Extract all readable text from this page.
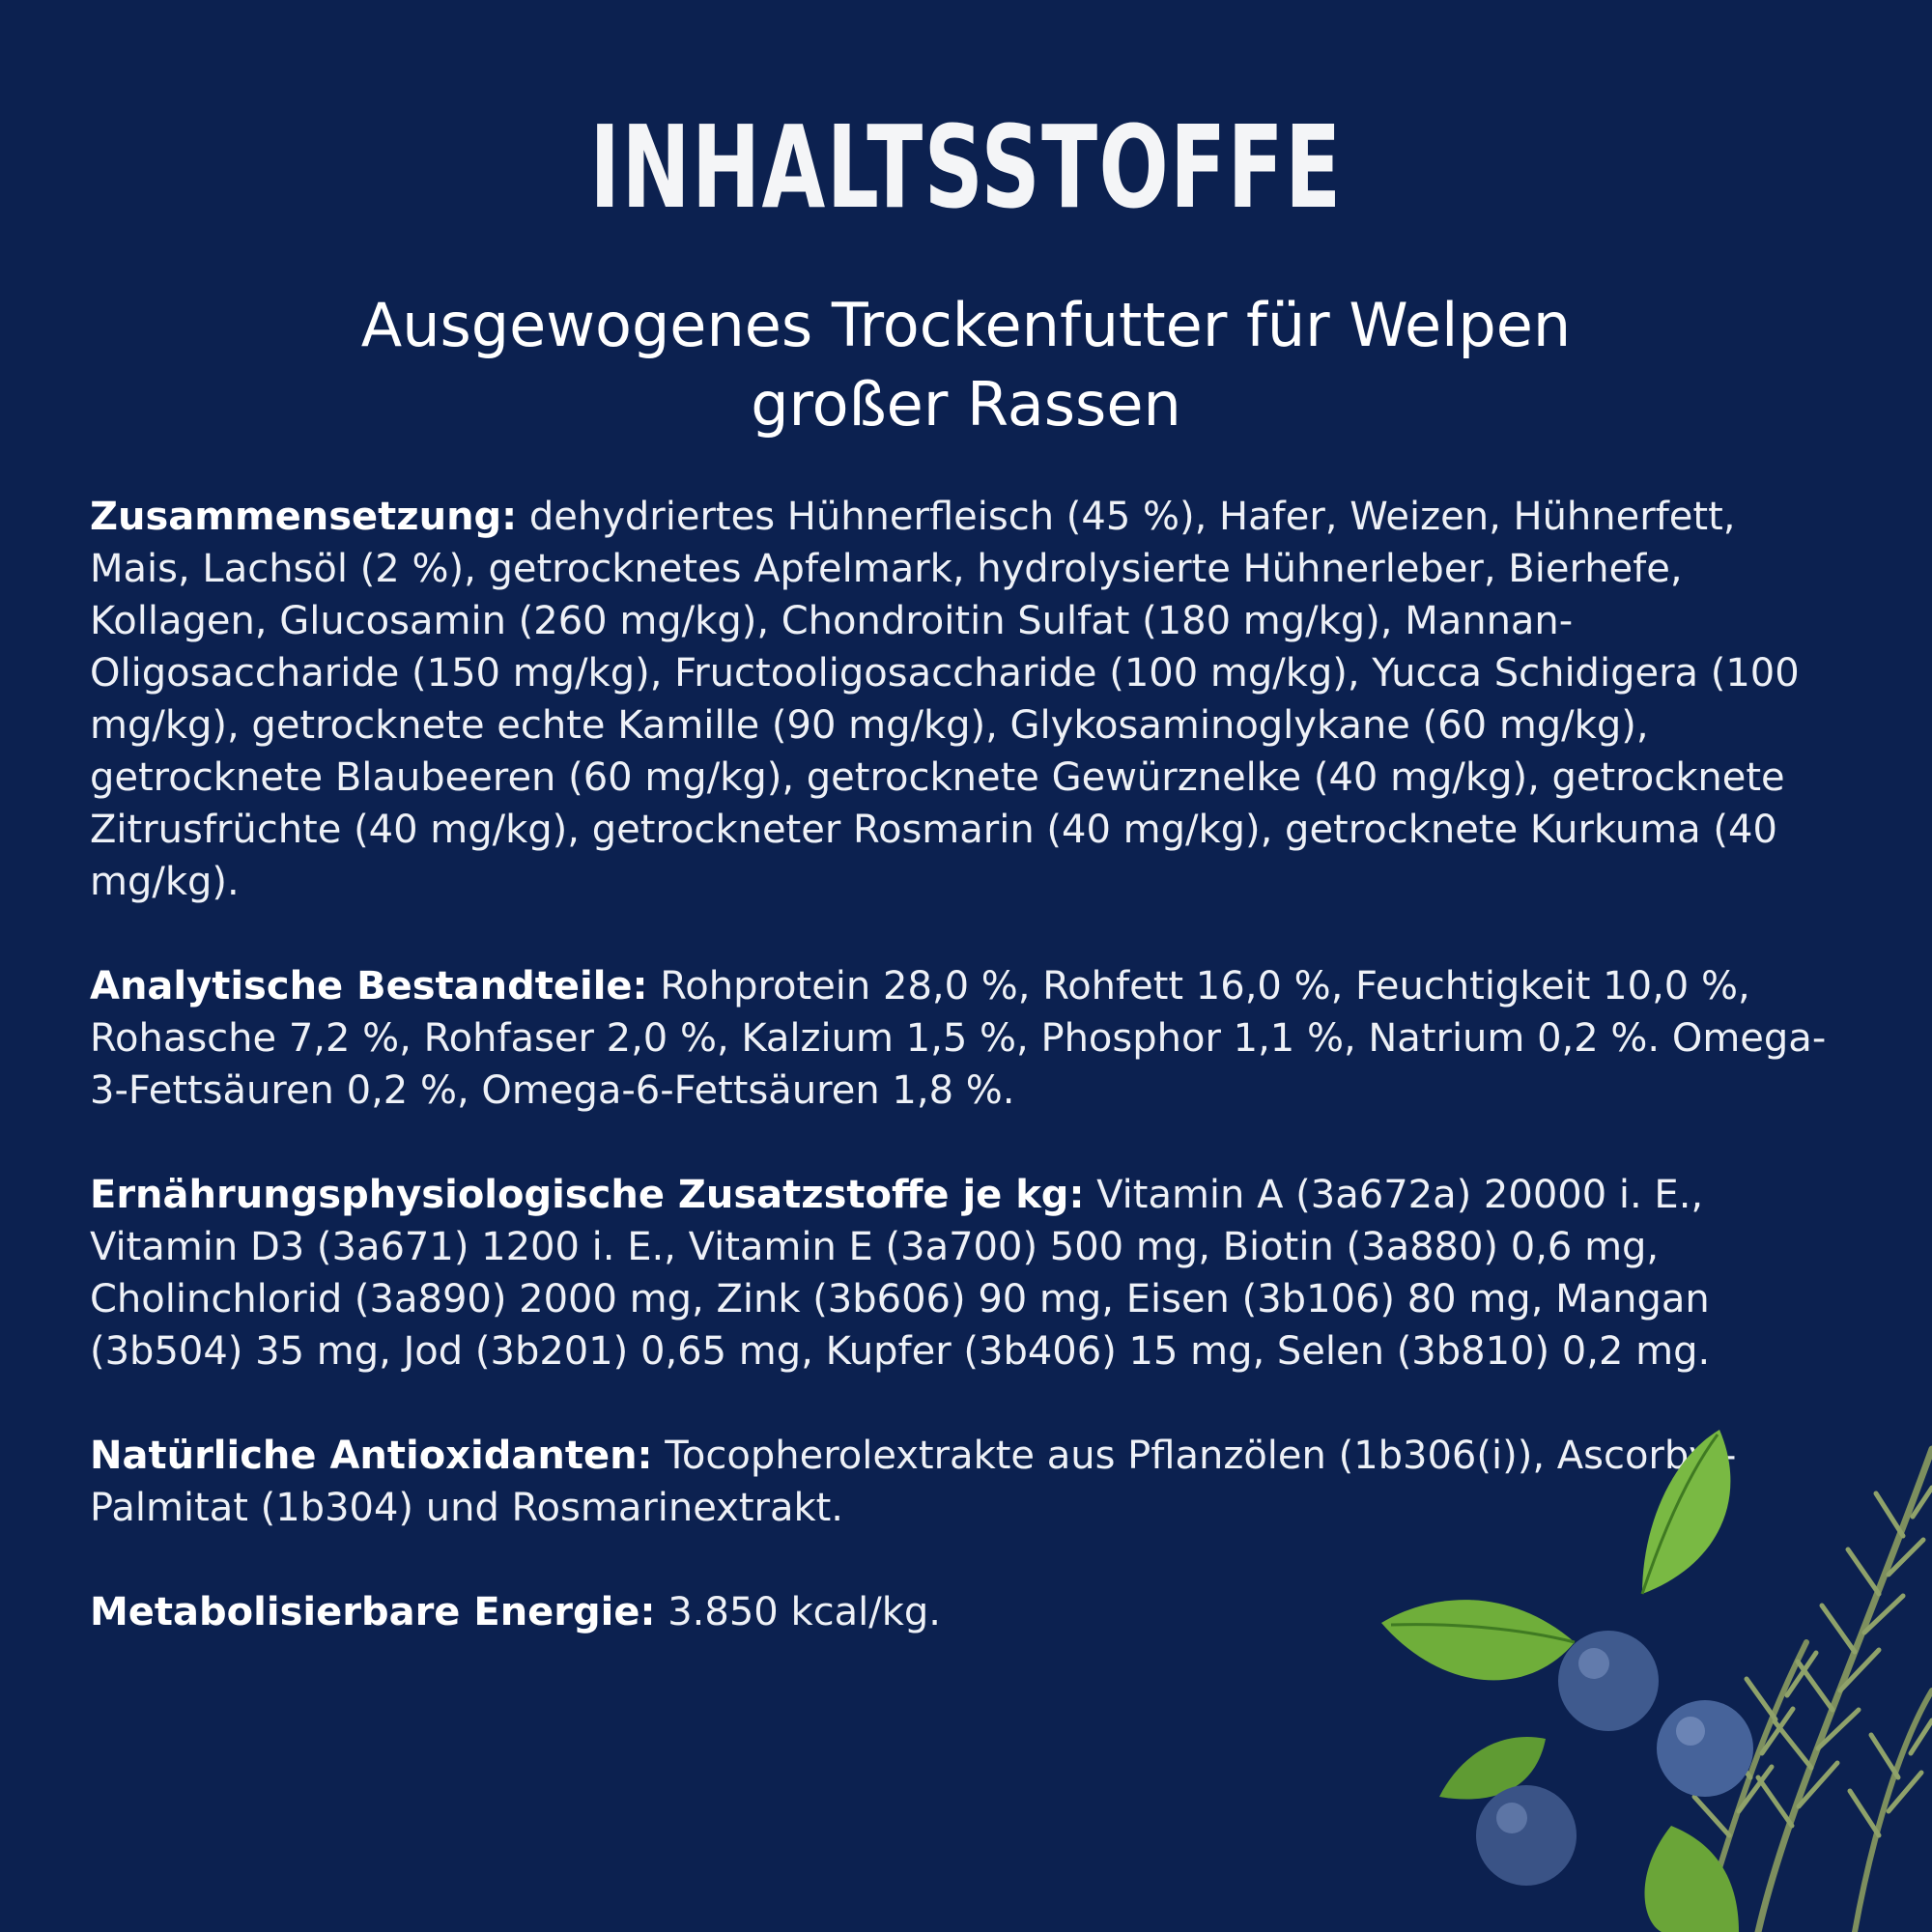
INHALTSSTOFFE
Ausgewogenes Trockenfutter für Welpen
großer Rassen

Zusammensetzung: dehydriertes Hühnerfleisch (45 %), Hafer, Weizen, Hühnerfett, Mais, Lachsöl (2 %), getrocknetes Apfelmark, hydrolysierte Hühnerleber, Bierhefe, Kollagen, Glucosamin (260 mg/kg), Chondroitin Sulfat (180 mg/kg), Mannan-Oligosaccharide (150 mg/kg), Fructooligosaccharide (100 mg/kg), Yucca Schidigera (100 mg/kg), getrocknete echte Kamille (90 mg/kg), Glykosaminoglykane (60 mg/kg), getrocknete Blaubeeren (60 mg/kg), getrocknete Gewürznelke (40 mg/kg), getrocknete Zitrusfrüchte (40 mg/kg), getrockneter Rosmarin (40 mg/kg), getrocknete Kurkuma (40 mg/kg).

Analytische Bestandteile: Rohprotein 28,0 %, Rohfett 16,0 %, Feuchtigkeit 10,0 %, Rohasche 7,2 %, Rohfaser 2,0 %, Kalzium 1,5 %, Phosphor 1,1 %, Natrium 0,2 %. Omega-3-Fettsäuren 0,2 %, Omega-6-Fettsäuren 1,8 %.

Ernährungsphysiologische Zusatzstoffe je kg: Vitamin A (3a672a) 20000 i. E., Vitamin D3 (3a671) 1200 i. E., Vitamin E (3a700) 500 mg, Biotin (3a880) 0,6 mg, Cholinchlorid (3a890) 2000 mg, Zink (3b606) 90 mg, Eisen (3b106) 80 mg, Mangan (3b504) 35 mg, Jod (3b201) 0,65 mg, Kupfer (3b406) 15 mg, Selen (3b810) 0,2 mg.

Natürliche Antioxidanten: Tocopherolextrakte aus Pflanzölen (1b306(i)), Ascorbyl-Palmitat (1b304) und Rosmarinextrakt.

Metabolisierbare Energie: 3.850 kcal/kg.
